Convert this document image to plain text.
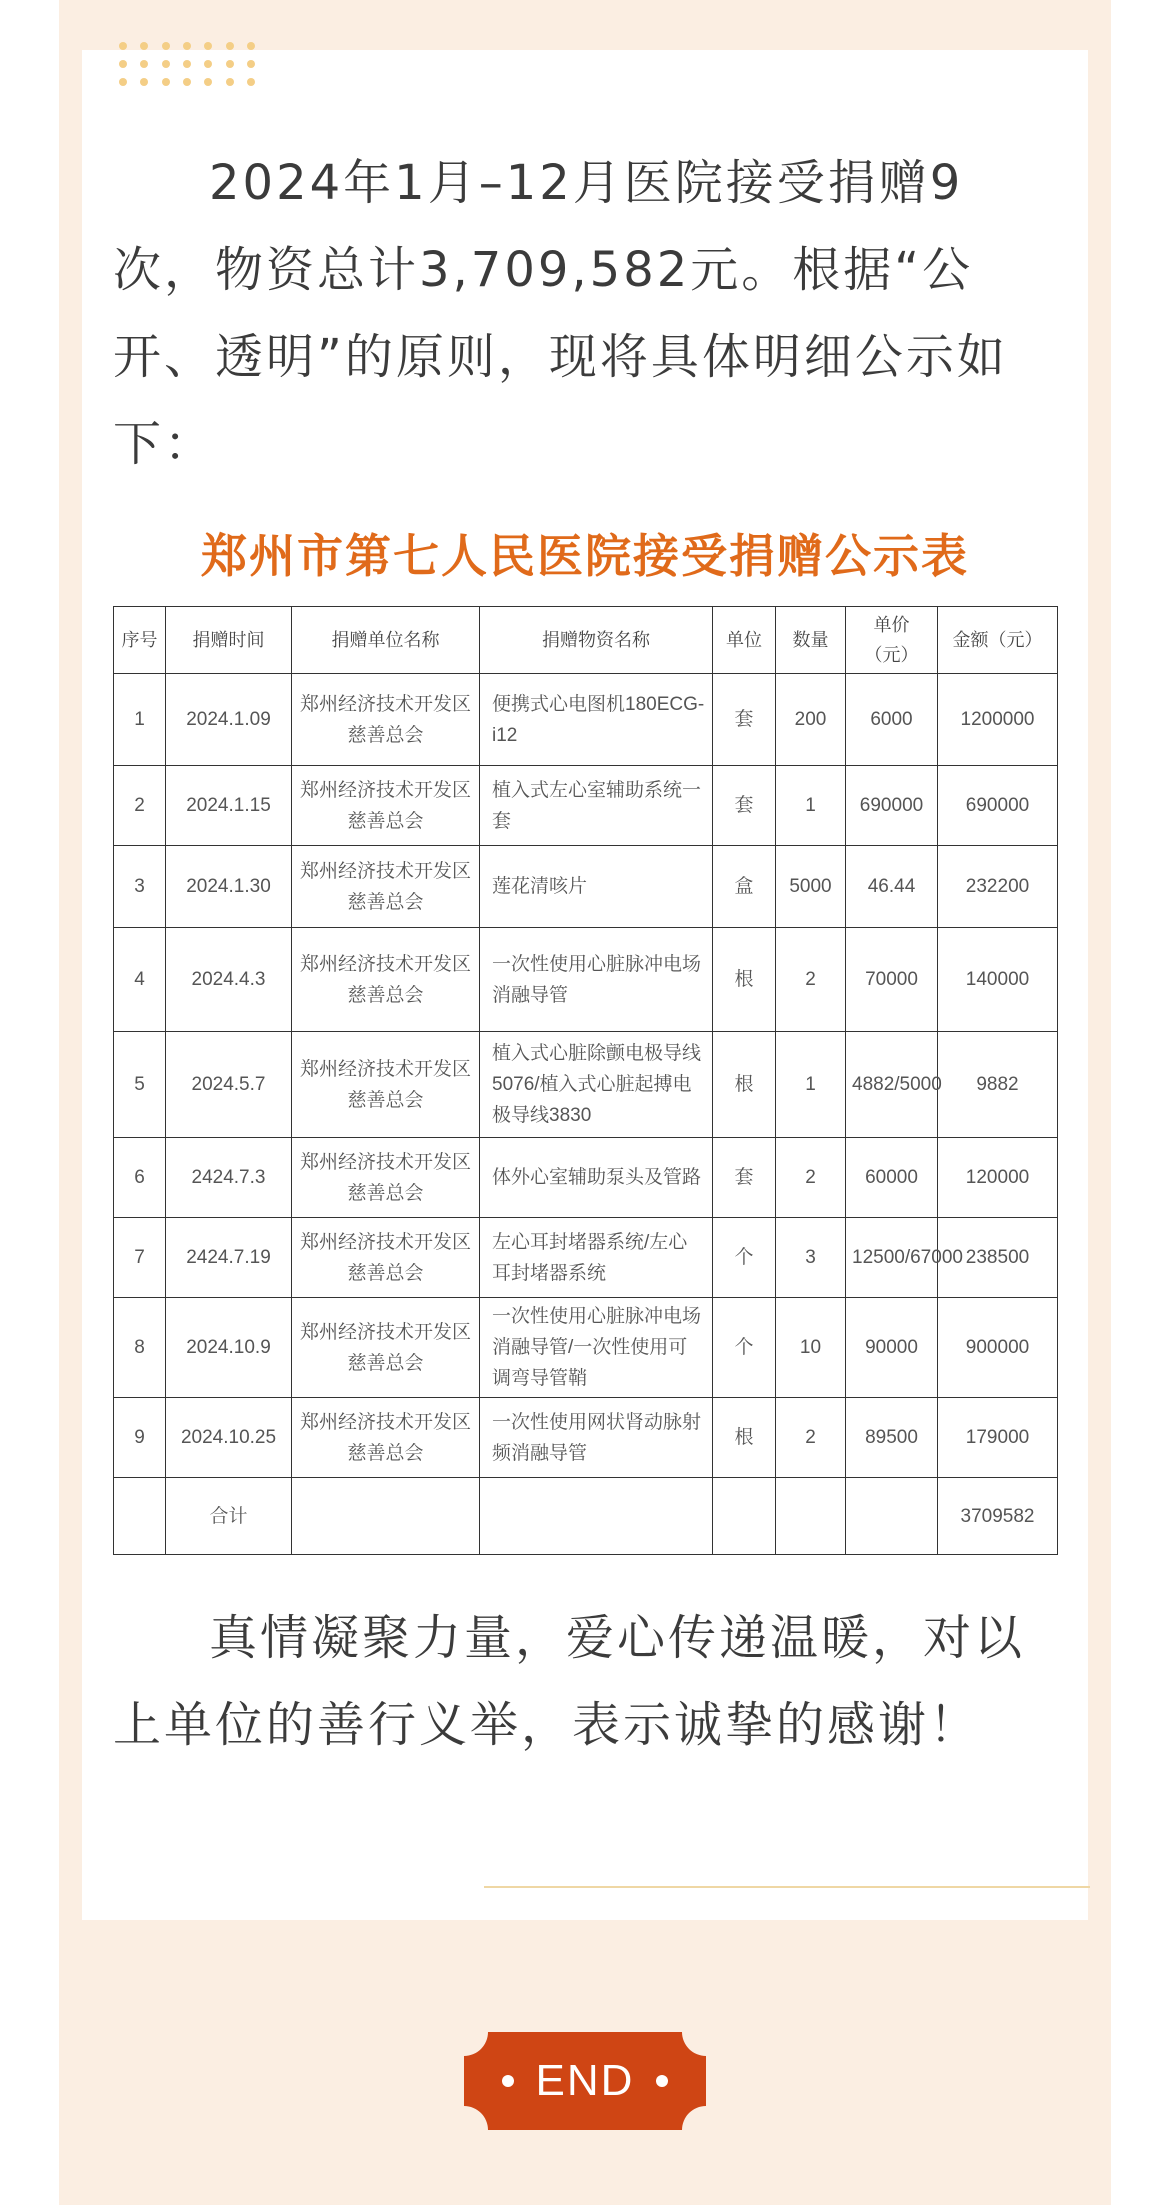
2024年1月–12月医院接受捐赠9次，物资总计3,709,582元。根据“公开、透明”的原则，现将具体明细公示如下：

郑州市第七人民医院接受捐赠公示表
序号	捐赠时间	捐赠单位名称	捐赠物资名称	单位	数量	单价（元）	金额（元）
1	2024.1.09	郑州经济技术开发区慈善总会	便携式心电图机180ECG-i12	套	200	6000	1200000
2	2024.1.15	郑州经济技术开发区慈善总会	植入式左心室辅助系统一套	套	1	690000	690000
3	2024.1.30	郑州经济技术开发区慈善总会	莲花清咳片	盒	5000	46.44	232200
4	2024.4.3	郑州经济技术开发区慈善总会	一次性使用心脏脉冲电场消融导管	根	2	70000	140000
5	2024.5.7	郑州经济技术开发区慈善总会	植入式心脏除颤电极导线5076/植入式心脏起搏电极导线3830	根	1	4882/5000	9882
6	2424.7.3	郑州经济技术开发区慈善总会	体外心室辅助泵头及管路	套	2	60000	120000
7	2424.7.19	郑州经济技术开发区慈善总会	左心耳封堵器系统/左心耳封堵器系统	个	3	12500/67000	238500
8	2024.10.9	郑州经济技术开发区慈善总会	一次性使用心脏脉冲电场消融导管/一次性使用可调弯导管鞘	个	10	90000	900000
9	2024.10.25	郑州经济技术开发区慈善总会	一次性使用网状肾动脉射频消融导管	根	2	89500	179000
	合计						3709582

真情凝聚力量，爱心传递温暖，对以上单位的善行义举，表示诚挚的感谢！

END
